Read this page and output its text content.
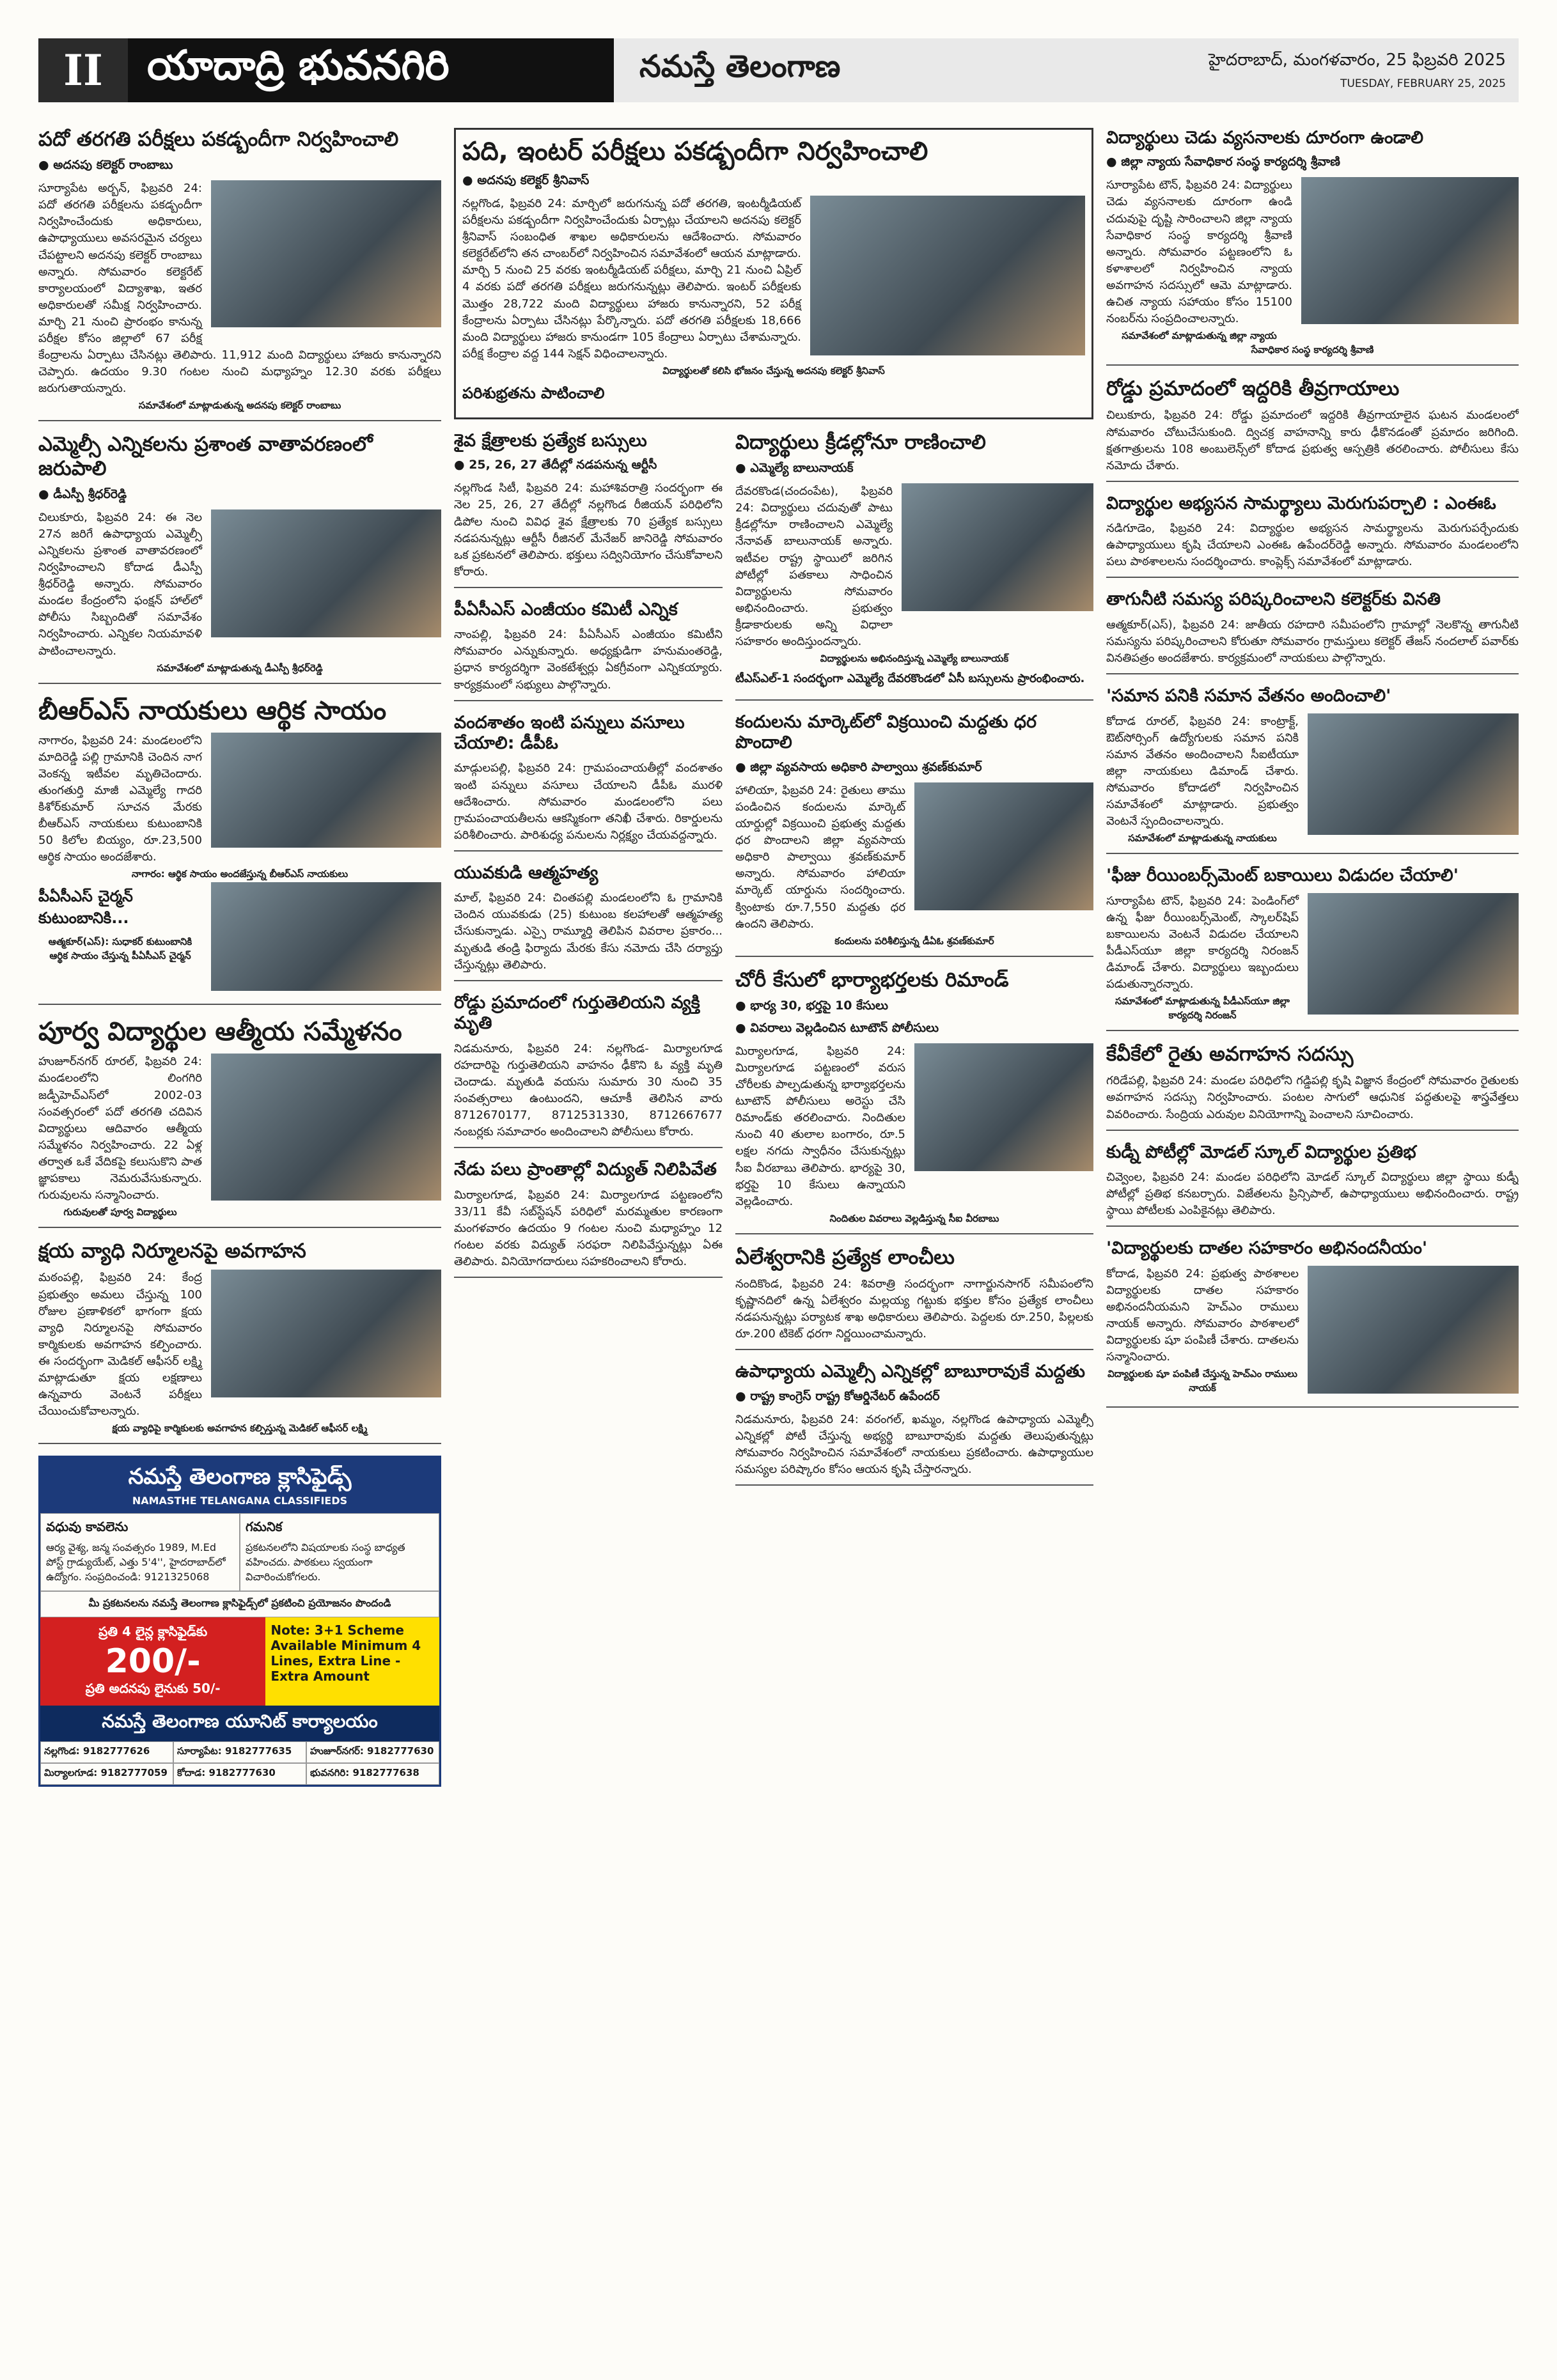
II	యాదాద్రి భువనగిరి	నమస్తే తెలంగాణ	హైదరాబాద్, మంగళవారం, 25 ఫిబ్రవరి 2025
TUESDAY, FEBRUARY 25, 2025
పదో తరగతి పరీక్షలు పకడ్బందీగా నిర్వహించాలి
● అదనపు కలెక్టర్ రాంబాబు
సూర్యాపేట అర్బన్, ఫిబ్రవరి 24: పదో తరగతి పరీక్షలను పకడ్బందీగా నిర్వహించేందుకు అధికారులు, ఉపాధ్యాయులు అవసరమైన చర్యలు చేపట్టాలని అదనపు కలెక్టర్ రాంబాబు అన్నారు. సోమవారం కలెక్టరేట్ కార్యాలయంలో విద్యాశాఖ, ఇతర అధికారులతో సమీక్ష నిర్వహించారు. మార్చి 21 నుంచి ప్రారంభం కానున్న పరీక్షల కోసం జిల్లాలో 67 పరీక్ష కేంద్రాలను ఏర్పాటు చేసినట్లు తెలిపారు. 11,912 మంది విద్యార్థులు హాజరు కానున్నారని చెప్పారు. ఉదయం 9.30 గంటల నుంచి మధ్యాహ్నం 12.30 వరకు పరీక్షలు జరుగుతాయన్నారు.
సమావేశంలో మాట్లాడుతున్న అదనపు కలెక్టర్ రాంబాబు
ఎమ్మెల్సీ ఎన్నికలను ప్రశాంత వాతావరణంలో జరుపాలి
● డీఎస్పీ శ్రీధర్‌రెడ్డి
చిలుకూరు, ఫిబ్రవరి 24: ఈ నెల 27న జరిగే ఉపాధ్యాయ ఎమ్మెల్సీ ఎన్నికలను ప్రశాంత వాతావరణంలో నిర్వహించాలని కోదాడ డీఎస్పీ శ్రీధర్‌రెడ్డి అన్నారు. సోమవారం మండల కేంద్రంలోని ఫంక్షన్ హాల్‌లో పోలీసు సిబ్బందితో సమావేశం నిర్వహించారు. ఎన్నికల నియమావళి పాటించాలన్నారు.
సమావేశంలో మాట్లాడుతున్న డీఎస్పీ శ్రీధర్‌రెడ్డి
బీఆర్ఎస్ నాయకులు ఆర్థిక సాయం
నాగారం, ఫిబ్రవరి 24: మండలంలోని మాదిరెడ్డి పల్లి గ్రామానికి చెందిన నాగ వెంకన్న ఇటీవల మృతిచెందారు. తుంగతుర్తి మాజీ ఎమ్మెల్యే గాదరి కిశోర్‌కుమార్ సూచన మేరకు బీఆర్ఎస్ నాయకులు కుటుంబానికి 50 కిలోల బియ్యం, రూ.23,500 ఆర్థిక సాయం అందజేశారు.
నాగారం: ఆర్థిక సాయం అందజేస్తున్న బీఆర్ఎస్ నాయకులు
పీఏసీఎస్ చైర్మన్ కుటుంబానికి...
ఆత్మకూర్(ఎస్): సుధాకర్ కుటుంబానికి ఆర్థిక సాయం చేస్తున్న పీఏసీఎస్ చైర్మన్
పూర్వ విద్యార్థుల ఆత్మీయ సమ్మేళనం
హుజూర్‌నగర్ రూరల్, ఫిబ్రవరి 24: మండలంలోని లింగగిరి జడ్పీహెచ్ఎస్‌లో 2002-03 సంవత్సరంలో పదో తరగతి చదివిన విద్యార్థులు ఆదివారం ఆత్మీయ సమ్మేళనం నిర్వహించారు. 22 ఏళ్ల తర్వాత ఒకే వేదికపై కలుసుకొని పాత జ్ఞాపకాలు నెమరువేసుకున్నారు. గురువులను సన్మానించారు.
గురువులతో పూర్వ విద్యార్థులు
క్షయ వ్యాధి నిర్మూలనపై అవగాహన
మఠంపల్లి, ఫిబ్రవరి 24: కేంద్ర ప్రభుత్వం అమలు చేస్తున్న 100 రోజుల ప్రణాళికలో భాగంగా క్షయ వ్యాధి నిర్మూలనపై సోమవారం కార్మికులకు అవగాహన కల్పించారు. ఈ సందర్భంగా మెడికల్ ఆఫీసర్ లక్ష్మి మాట్లాడుతూ క్షయ లక్షణాలు ఉన్నవారు వెంటనే పరీక్షలు చేయించుకోవాలన్నారు.
క్షయ వ్యాధిపై కార్మికులకు అవగాహన కల్పిస్తున్న మెడికల్ ఆఫీసర్ లక్ష్మి
నమస్తే తెలంగాణ క్లాసిఫైడ్స్
NAMASTHE TELANGANA CLASSIFIEDS
వధువు కావలెను
ఆర్య వైశ్య, జన్మ సంవత్సరం 1989, M.Ed పోస్ట్ గ్రాడ్యుయేట్, ఎత్తు 5'4'', హైదరాబాద్‌లో ఉద్యోగం. సంప్రదించండి: 9121325068
గమనిక
ప్రకటనలలోని విషయాలకు సంస్థ బాధ్యత వహించదు. పాఠకులు స్వయంగా విచారించుకోగలరు.
మీ ప్రకటనలను నమస్తే తెలంగాణ క్లాసిఫైడ్స్‌లో ప్రకటించి ప్రయోజనం పొందండి
ప్రతి 4 లైన్ల క్లాసిఫైడ్‌కు
200/-
ప్రతి అదనపు లైనుకు 50/-
Note: 3+1 Scheme Available Minimum 4 Lines, Extra Line - Extra Amount
నమస్తే తెలంగాణ యూనిట్ కార్యాలయం
నల్లగొండ: 9182777626	సూర్యాపేట: 9182777635	హుజూర్‌నగర్: 9182777630
మిర్యాలగూడ: 9182777059	కోదాడ: 9182777630	భువనగిరి: 9182777638
పది, ఇంటర్ పరీక్షలు పకడ్బందీగా నిర్వహించాలి
● అదనపు కలెక్టర్ శ్రీనివాస్
నల్లగొండ, ఫిబ్రవరి 24: మార్చిలో జరుగనున్న పదో తరగతి, ఇంటర్మీడియట్ పరీక్షలను పకడ్బందీగా నిర్వహించేందుకు ఏర్పాట్లు చేయాలని అదనపు కలెక్టర్ శ్రీనివాస్ సంబంధిత శాఖల అధికారులను ఆదేశించారు. సోమవారం కలెక్టరేట్‌లోని తన చాంబర్‌లో నిర్వహించిన సమావేశంలో ఆయన మాట్లాడారు. మార్చి 5 నుంచి 25 వరకు ఇంటర్మీడియట్ పరీక్షలు, మార్చి 21 నుంచి ఏప్రిల్ 4 వరకు పదో తరగతి పరీక్షలు జరుగనున్నట్లు తెలిపారు. ఇంటర్ పరీక్షలకు మొత్తం 28,722 మంది విద్యార్థులు హాజరు కానున్నారని, 52 పరీక్ష కేంద్రాలను ఏర్పాటు చేసినట్లు పేర్కొన్నారు. పదో తరగతి పరీక్షలకు 18,666 మంది విద్యార్థులు హాజరు కానుండగా 105 కేంద్రాలు ఏర్పాటు చేశామన్నారు. పరీక్ష కేంద్రాల వద్ద 144 సెక్షన్ విధించాలన్నారు.
విద్యార్థులతో కలిసి భోజనం చేస్తున్న అదనపు కలెక్టర్ శ్రీనివాస్
పరిశుభ్రతను పాటించాలి
శైవ క్షేత్రాలకు ప్రత్యేక బస్సులు
● 25, 26, 27 తేదీల్లో నడపనున్న ఆర్టీసీ
నల్లగొండ సిటీ, ఫిబ్రవరి 24: మహాశివరాత్రి సందర్భంగా ఈ నెల 25, 26, 27 తేదీల్లో నల్లగొండ రీజియన్ పరిధిలోని డిపోల నుంచి వివిధ శైవ క్షేత్రాలకు 70 ప్రత్యేక బస్సులు నడపనున్నట్లు ఆర్టీసీ రీజినల్ మేనేజర్ జానిరెడ్డి సోమవారం ఒక ప్రకటనలో తెలిపారు. భక్తులు సద్వినియోగం చేసుకోవాలని కోరారు.
పీఏసీఎస్ ఎంజీయం కమిటీ ఎన్నిక
నాంపల్లి, ఫిబ్రవరి 24: పీఏసీఎస్ ఎంజీయం కమిటీని సోమవారం ఎన్నుకున్నారు. అధ్యక్షుడిగా హనుమంతరెడ్డి, ప్రధాన కార్యదర్శిగా వెంకటేశ్వర్లు ఏకగ్రీవంగా ఎన్నికయ్యారు. కార్యక్రమంలో సభ్యులు పాల్గొన్నారు.
వందశాతం ఇంటి పన్నులు వసూలు చేయాలి: డీపీఓ
మాడ్గులపల్లి, ఫిబ్రవరి 24: గ్రామపంచాయతీల్లో వందశాతం ఇంటి పన్నులు వసూలు చేయాలని డీపీఓ మురళి ఆదేశించారు. సోమవారం మండలంలోని పలు గ్రామపంచాయతీలను ఆకస్మికంగా తనిఖీ చేశారు. రికార్డులను పరిశీలించారు. పారిశుధ్య పనులను నిర్లక్ష్యం చేయవద్దన్నారు.
యువకుడి ఆత్మహత్య
మాల్, ఫిబ్రవరి 24: చింతపల్లి మండలంలోని ఓ గ్రామానికి చెందిన యువకుడు (25) కుటుంబ కలహాలతో ఆత్మహత్య చేసుకున్నాడు. ఎస్సై రామ్మూర్తి తెలిపిన వివరాల ప్రకారం... మృతుడి తండ్రి ఫిర్యాదు మేరకు కేసు నమోదు చేసి దర్యాప్తు చేస్తున్నట్లు తెలిపారు.
రోడ్డు ప్రమాదంలో గుర్తుతెలియని వ్యక్తి మృతి
నిడమనూరు, ఫిబ్రవరి 24: నల్లగొండ- మిర్యాలగూడ రహదారిపై గుర్తుతెలియని వాహనం ఢీకొని ఓ వ్యక్తి మృతి చెందాడు. మృతుడి వయసు సుమారు 30 నుంచి 35 సంవత్సరాలు ఉంటుందని, ఆచూకీ తెలిసిన వారు 8712670177, 8712531330, 8712667677 నంబర్లకు సమాచారం అందించాలని పోలీసులు కోరారు.
నేడు పలు ప్రాంతాల్లో విద్యుత్ నిలిపివేత
మిర్యాలగూడ, ఫిబ్రవరి 24: మిర్యాలగూడ పట్టణంలోని 33/11 కేవీ సబ్‌స్టేషన్ పరిధిలో మరమ్మతుల కారణంగా మంగళవారం ఉదయం 9 గంటల నుంచి మధ్యాహ్నం 12 గంటల వరకు విద్యుత్ సరఫరా నిలిపివేస్తున్నట్లు ఏఈ తెలిపారు. వినియోగదారులు సహకరించాలని కోరారు.
విద్యార్థులు క్రీడల్లోనూ రాణించాలి
● ఎమ్మెల్యే బాలునాయక్
దేవరకొండ(చందంపేట), ఫిబ్రవరి 24: విద్యార్థులు చదువుతో పాటు క్రీడల్లోనూ రాణించాలని ఎమ్మెల్యే నేనావత్ బాలునాయక్ అన్నారు. ఇటీవల రాష్ట్ర స్థాయిలో జరిగిన పోటీల్లో పతకాలు సాధించిన విద్యార్థులను సోమవారం అభినందించారు. ప్రభుత్వం క్రీడాకారులకు అన్ని విధాలా సహకారం అందిస్తుందన్నారు.
విద్యార్థులను అభినందిస్తున్న ఎమ్మెల్యే బాలునాయక్
టీఎస్ఎల్-1 సందర్భంగా ఎమ్మెల్యే దేవరకొండలో ఏసీ బస్సులను ప్రారంభించారు.
కందులను మార్కెట్‌లో విక్రయించి మద్దతు ధర పొందాలి
● జిల్లా వ్యవసాయ అధికారి పాల్వాయి శ్రవణ్‌కుమార్
హాలియా, ఫిబ్రవరి 24: రైతులు తాము పండించిన కందులను మార్కెట్ యార్డుల్లో విక్రయించి ప్రభుత్వ మద్దతు ధర పొందాలని జిల్లా వ్యవసాయ అధికారి పాల్వాయి శ్రవణ్‌కుమార్ అన్నారు. సోమవారం హాలియా మార్కెట్ యార్డును సందర్శించారు. క్వింటాకు రూ.7,550 మద్దతు ధర ఉందని తెలిపారు.
కందులను పరిశీలిస్తున్న డీఏఓ శ్రవణ్‌కుమార్
చోరీ కేసులో భార్యాభర్తలకు రిమాండ్
● భార్య 30, భర్తపై 10 కేసులు
● వివరాలు వెల్లడించిన టూటౌన్ పోలీసులు
మిర్యాలగూడ, ఫిబ్రవరి 24: మిర్యాలగూడ పట్టణంలో వరుస చోరీలకు పాల్పడుతున్న భార్యాభర్తలను టూటౌన్ పోలీసులు అరెస్టు చేసి రిమాండ్‌కు తరలించారు. నిందితుల నుంచి 40 తులాల బంగారం, రూ.5 లక్షల నగదు స్వాధీనం చేసుకున్నట్లు సీఐ వీరబాబు తెలిపారు. భార్యపై 30, భర్తపై 10 కేసులు ఉన్నాయని వెల్లడించారు.
నిందితుల వివరాలు వెల్లడిస్తున్న సీఐ వీరబాబు
ఏలేశ్వరానికి ప్రత్యేక లాంచీలు
నందికొండ, ఫిబ్రవరి 24: శివరాత్రి సందర్భంగా నాగార్జునసాగర్ సమీపంలోని కృష్ణానదిలో ఉన్న ఏలేశ్వరం మల్లయ్య గట్టుకు భక్తుల కోసం ప్రత్యేక లాంచీలు నడపనున్నట్లు పర్యాటక శాఖ అధికారులు తెలిపారు. పెద్దలకు రూ.250, పిల్లలకు రూ.200 టికెట్ ధరగా నిర్ణయించామన్నారు.
ఉపాధ్యాయ ఎమ్మెల్సీ ఎన్నికల్లో బాబూరావుకే మద్దతు
● రాష్ట్ర కాంగ్రెస్ రాష్ట్ర కోఆర్డినేటర్ ఉపేందర్
నిడమనూరు, ఫిబ్రవరి 24: వరంగల్, ఖమ్మం, నల్లగొండ ఉపాధ్యాయ ఎమ్మెల్సీ ఎన్నికల్లో పోటీ చేస్తున్న అభ్యర్థి బాబూరావుకు మద్దతు తెలుపుతున్నట్లు సోమవారం నిర్వహించిన సమావేశంలో నాయకులు ప్రకటించారు. ఉపాధ్యాయుల సమస్యల పరిష్కారం కోసం ఆయన కృషి చేస్తారన్నారు.
విద్యార్థులు చెడు వ్యసనాలకు దూరంగా ఉండాలి
● జిల్లా న్యాయ సేవాధికార సంస్థ కార్యదర్శి శ్రీవాణి
సూర్యాపేట టౌన్, ఫిబ్రవరి 24: విద్యార్థులు చెడు వ్యసనాలకు దూరంగా ఉండి చదువుపై దృష్టి సారించాలని జిల్లా న్యాయ సేవాధికార సంస్థ కార్యదర్శి శ్రీవాణి అన్నారు. సోమవారం పట్టణంలోని ఓ కళాశాలలో నిర్వహించిన న్యాయ అవగాహన సదస్సులో ఆమె మాట్లాడారు. ఉచిత న్యాయ సహాయం కోసం 15100 నంబర్‌ను సంప్రదించాలన్నారు.
సమావేశంలో మాట్లాడుతున్న జిల్లా న్యాయ సేవాధికార సంస్థ కార్యదర్శి శ్రీవాణి
రోడ్డు ప్రమాదంలో ఇద్దరికి తీవ్రగాయాలు
చిలుకూరు, ఫిబ్రవరి 24: రోడ్డు ప్రమాదంలో ఇద్దరికి తీవ్రగాయాలైన ఘటన మండలంలో సోమవారం చోటుచేసుకుంది. ద్విచక్ర వాహనాన్ని కారు ఢీకొనడంతో ప్రమాదం జరిగింది. క్షతగాత్రులను 108 అంబులెన్స్‌లో కోదాడ ప్రభుత్వ ఆస్పత్రికి తరలించారు. పోలీసులు కేసు నమోదు చేశారు.
విద్యార్థుల అభ్యసన సామర్థ్యాలు మెరుగుపర్చాలి : ఎంఈఓ
నడిగూడెం, ఫిబ్రవరి 24: విద్యార్థుల అభ్యసన సామర్థ్యాలను మెరుగుపర్చేందుకు ఉపాధ్యాయులు కృషి చేయాలని ఎంఈఓ ఉపేందర్‌రెడ్డి అన్నారు. సోమవారం మండలంలోని పలు పాఠశాలలను సందర్శించారు. కాంప్లెక్స్ సమావేశంలో మాట్లాడారు.
తాగునీటి సమస్య పరిష్కరించాలని కలెక్టర్‌కు వినతి
ఆత్మకూర్(ఎస్), ఫిబ్రవరి 24: జాతీయ రహదారి సమీపంలోని గ్రామాల్లో నెలకొన్న తాగునీటి సమస్యను పరిష్కరించాలని కోరుతూ సోమవారం గ్రామస్తులు కలెక్టర్ తేజస్ నందలాల్ పవార్‌కు వినతిపత్రం అందజేశారు. కార్యక్రమంలో నాయకులు పాల్గొన్నారు.
'సమాన పనికి సమాన వేతనం అందించాలి'
కోదాడ రూరల్, ఫిబ్రవరి 24: కాంట్రాక్ట్, ఔట్‌సోర్సింగ్ ఉద్యోగులకు సమాన పనికి సమాన వేతనం అందించాలని సీఐటీయూ జిల్లా నాయకులు డిమాండ్ చేశారు. సోమవారం కోదాడలో నిర్వహించిన సమావేశంలో మాట్లాడారు. ప్రభుత్వం వెంటనే స్పందించాలన్నారు.
సమావేశంలో మాట్లాడుతున్న నాయకులు
'ఫీజు రీయింబర్స్‌మెంట్ బకాయిలు విడుదల చేయాలి'
సూర్యాపేట టౌన్, ఫిబ్రవరి 24: పెండింగ్‌లో ఉన్న ఫీజు రీయింబర్స్‌మెంట్, స్కాలర్‌షిప్ బకాయిలను వెంటనే విడుదల చేయాలని పీడీఎస్‌యూ జిల్లా కార్యదర్శి నిరంజన్ డిమాండ్ చేశారు. విద్యార్థులు ఇబ్బందులు పడుతున్నారన్నారు.
సమావేశంలో మాట్లాడుతున్న పీడీఎస్‌యూ జిల్లా కార్యదర్శి నిరంజన్
కేవీకేలో రైతు అవగాహన సదస్సు
గరిడేపల్లి, ఫిబ్రవరి 24: మండల పరిధిలోని గడ్డిపల్లి కృషి విజ్ఞాన కేంద్రంలో సోమవారం రైతులకు అవగాహన సదస్సు నిర్వహించారు. పంటల సాగులో ఆధునిక పద్ధతులపై శాస్త్రవేత్తలు వివరించారు. సేంద్రియ ఎరువుల వినియోగాన్ని పెంచాలని సూచించారు.
కుడ్నీ పోటీల్లో మోడల్ స్కూల్ విద్యార్థుల ప్రతిభ
చివ్వెంల, ఫిబ్రవరి 24: మండల పరిధిలోని మోడల్ స్కూల్ విద్యార్థులు జిల్లా స్థాయి కుడ్నీ పోటీల్లో ప్రతిభ కనబర్చారు. విజేతలను ప్రిన్సిపాల్, ఉపాధ్యాయులు అభినందించారు. రాష్ట్ర స్థాయి పోటీలకు ఎంపికైనట్లు తెలిపారు.
'విద్యార్థులకు దాతల సహకారం అభినందనీయం'
కోదాడ, ఫిబ్రవరి 24: ప్రభుత్వ పాఠశాలల విద్యార్థులకు దాతల సహకారం అభినందనీయమని హెచ్ఎం రాములు నాయక్ అన్నారు. సోమవారం పాఠశాలలో విద్యార్థులకు షూ పంపిణీ చేశారు. దాతలను సన్మానించారు.
విద్యార్థులకు షూ పంపిణీ చేస్తున్న హెచ్ఎం రాములు నాయక్
